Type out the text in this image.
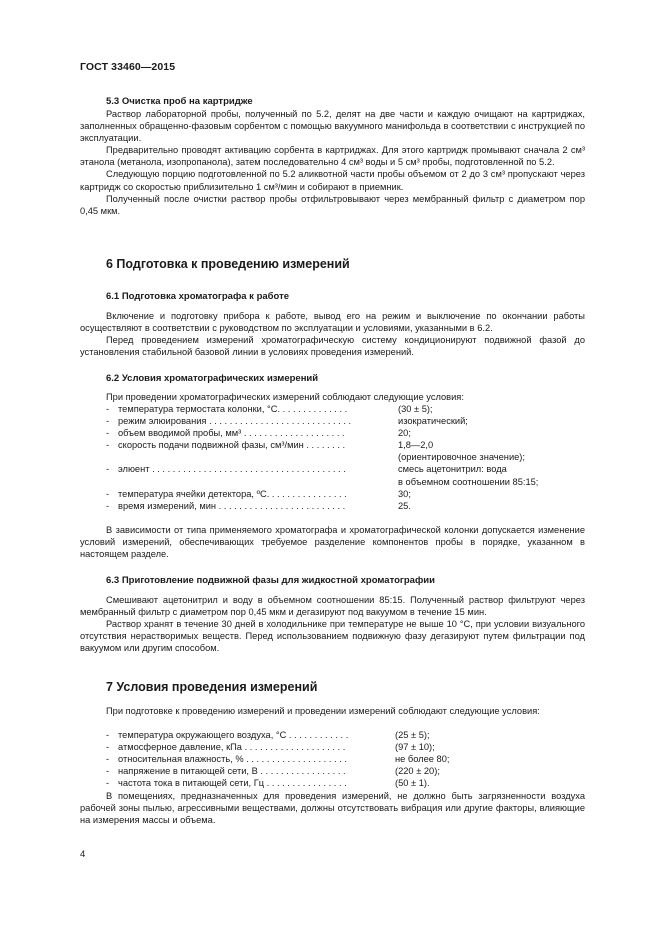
ГОСТ 33460—2015
5.3 Очистка проб на картридже

Раствор лабораторной пробы, полученный по 5.2, делят на две части и каждую очищают на картриджах, заполненных обращенно-фазовым сорбентом с помощью вакуумного манифольда в соответствии с инструкцией по эксплуатации.

Предварительно проводят активацию сорбента в картриджах. Для этого картридж промывают сначала 2 см³ этанола (метанола, изопропанола), затем последовательно 4 см³ воды и 5 см³ пробы, подготовленной по 5.2.

Следующую порцию подготовленной по 5.2 аликвотной части пробы объемом от 2 до 3 см³ пропускают через картридж со скоростью приблизительно 1 см³/мин и собирают в приемник.

Полученный после очистки раствор пробы отфильтровывают через мембранный фильтр с диаметром пор 0,45 мкм.

6 Подготовка к проведению измерений
6.1 Подготовка хроматографа к работе

Включение и подготовку прибора к работе, вывод его на режим и выключение по окончании работы осуществляют в соответствии с руководством по эксплуатации и условиями, указанными в 6.2.

Перед проведением измерений хроматографическую систему кондиционируют подвижной фазой до установления стабильной базовой линии в условиях проведения измерений.

6.2 Условия хроматографических измерений

При проведении хроматографических измерений соблюдают следующие условия:

- температура термостата колонки, °С. . . . . . . . . . . . . .	(30 ± 5);
- режим элюирования . . . . . . . . . . . . . . . . . . . . . . . . . . . .	изократический;
- объем вводимой пробы, мм³ . . . . . . . . . . . . . . . . . . . .	20;
- скорость подачи подвижной фазы, см³/мин . . . . . . . .	1,8—2,0
(ориентировочное значение);
- элюент . . . . . . . . . . . . . . . . . . . . . . . . . . . . . . . . . . . . . .	смесь ацетонитрил: вода
в объемном соотношении 85:15;
- температура ячейки детектора, ºС. . . . . . . . . . . . . . . .	30;
- время измерений, мин . . . . . . . . . . . . . . . . . . . . . . . . .	25.

В зависимости от типа применяемого хроматографа и хроматографической колонки допускается изменение условий измерений, обеспечивающих требуемое разделение компонентов пробы в порядке, указанном в настоящем разделе.

6.3 Приготовление подвижной фазы для жидкостной хроматографии

Смешивают ацетонитрил и воду в объемном соотношении 85:15. Полученный раствор фильтруют через мембранный фильтр с диаметром пор 0,45 мкм и дегазируют под вакуумом в течение 15 мин.

Раствор хранят в течение 30 дней в холодильнике при температуре не выше 10 °С, при условии визуального отсутствия нерастворимых веществ. Перед использованием подвижную фазу дегазируют путем фильтрации под вакуумом или другим способом.

7 Условия проведения измерений

При подготовке к проведению измерений и проведении измерений соблюдают следующие условия:

- температура окружающего воздуха, °С . . . . . . . . . . . .	(25 ± 5);
- атмосферное давление, кПа . . . . . . . . . . . . . . . . . . . .	(97 ± 10);
- относительная влажность, % . . . . . . . . . . . . . . . . . . . .	не более 80;
- напряжение в питающей сети, В . . . . . . . . . . . . . . . . .	(220 ± 20);
- частота тока в питающей сети, Гц . . . . . . . . . . . . . . . .	(50 ± 1).

В помещениях, предназначенных для проведения измерений, не должно быть загрязненности воздуха рабочей зоны пылью, агрессивными веществами, должны отсутствовать вибрация или другие факторы, влияющие на измерения массы и объема.

4
